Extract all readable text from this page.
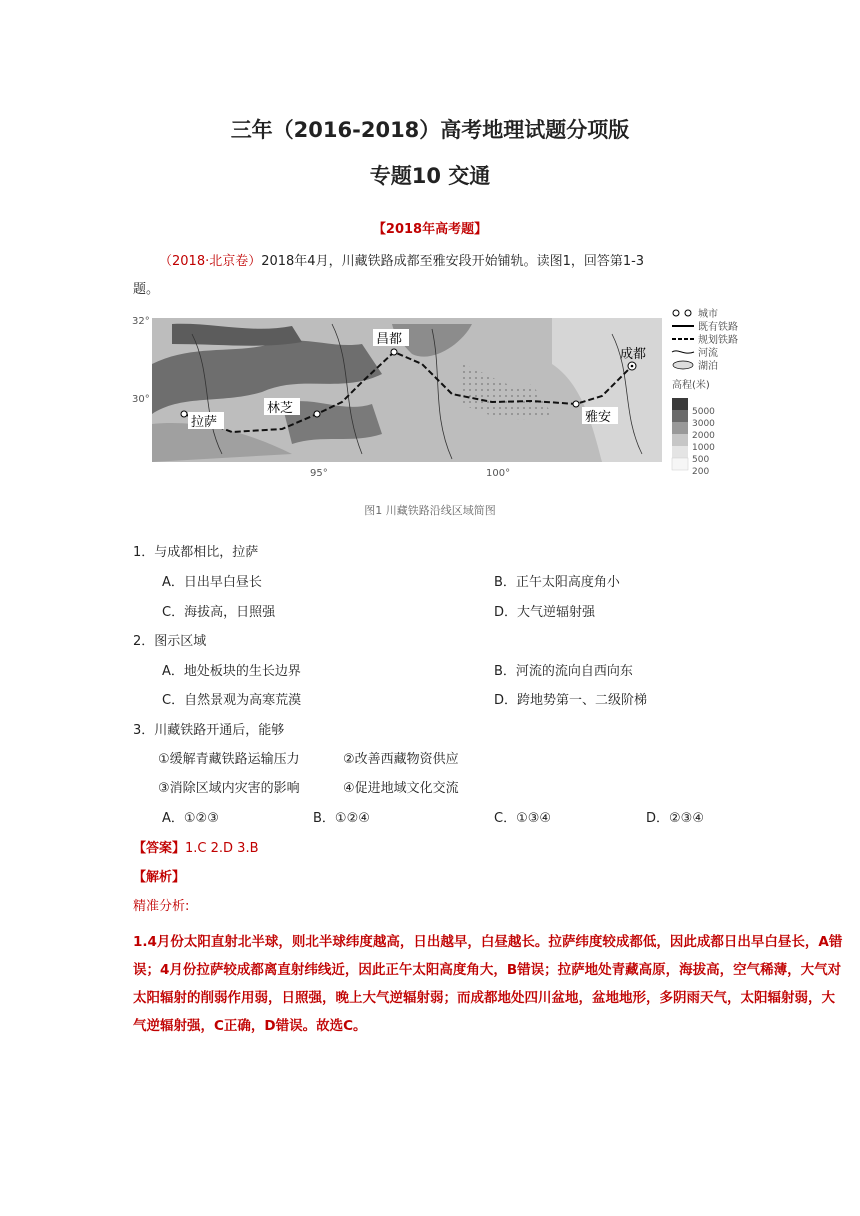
三年（2016-2018）高考地理试题分项版
专题10 交通
【2018年高考题】
（2018·北京卷）2018年4月，川藏铁路成都至雅安段开始铺轨。读图1，回答第1-3
题。
昌都
成都
林芝
拉萨	雅安
32°
30°
95°	100°
城市
既有铁路
规划铁路
河流
湖泊
高程(米)
5000
3000
2000
1000
500
200
图1 川藏铁路沿线区域简图
1．与成都相比，拉萨
A．日出早白昼长	B．正午太阳高度角小
C．海拔高，日照强	D．大气逆辐射强
2．图示区域
A．地处板块的生长边界	B．河流的流向自西向东
C．自然景观为高寒荒漠	D．跨地势第一、二级阶梯
3．川藏铁路开通后，能够
①缓解青藏铁路运输压力	②改善西藏物资供应
③消除区域内灾害的影响	④促进地域文化交流
A．①②③	B．①②④	C．①③④	D．②③④
【答案】1.C 2.D 3.B
【解析】
精准分析:
1.4月份太阳直射北半球，则北半球纬度越高，日出越早，白昼越长。拉萨纬度较成都低，因此成都日出早白昼长，A错误；4月份拉萨较成都离直射纬线近，因此正午太阳高度角大，B错误；拉萨地处青藏高原，海拔高，空气稀薄，大气对太阳辐射的削弱作用弱，日照强，晚上大气逆辐射弱；而成都地处四川盆地，盆地地形，多阴雨天气，太阳辐射弱，大气逆辐射强，C正确，D错误。故选C。
